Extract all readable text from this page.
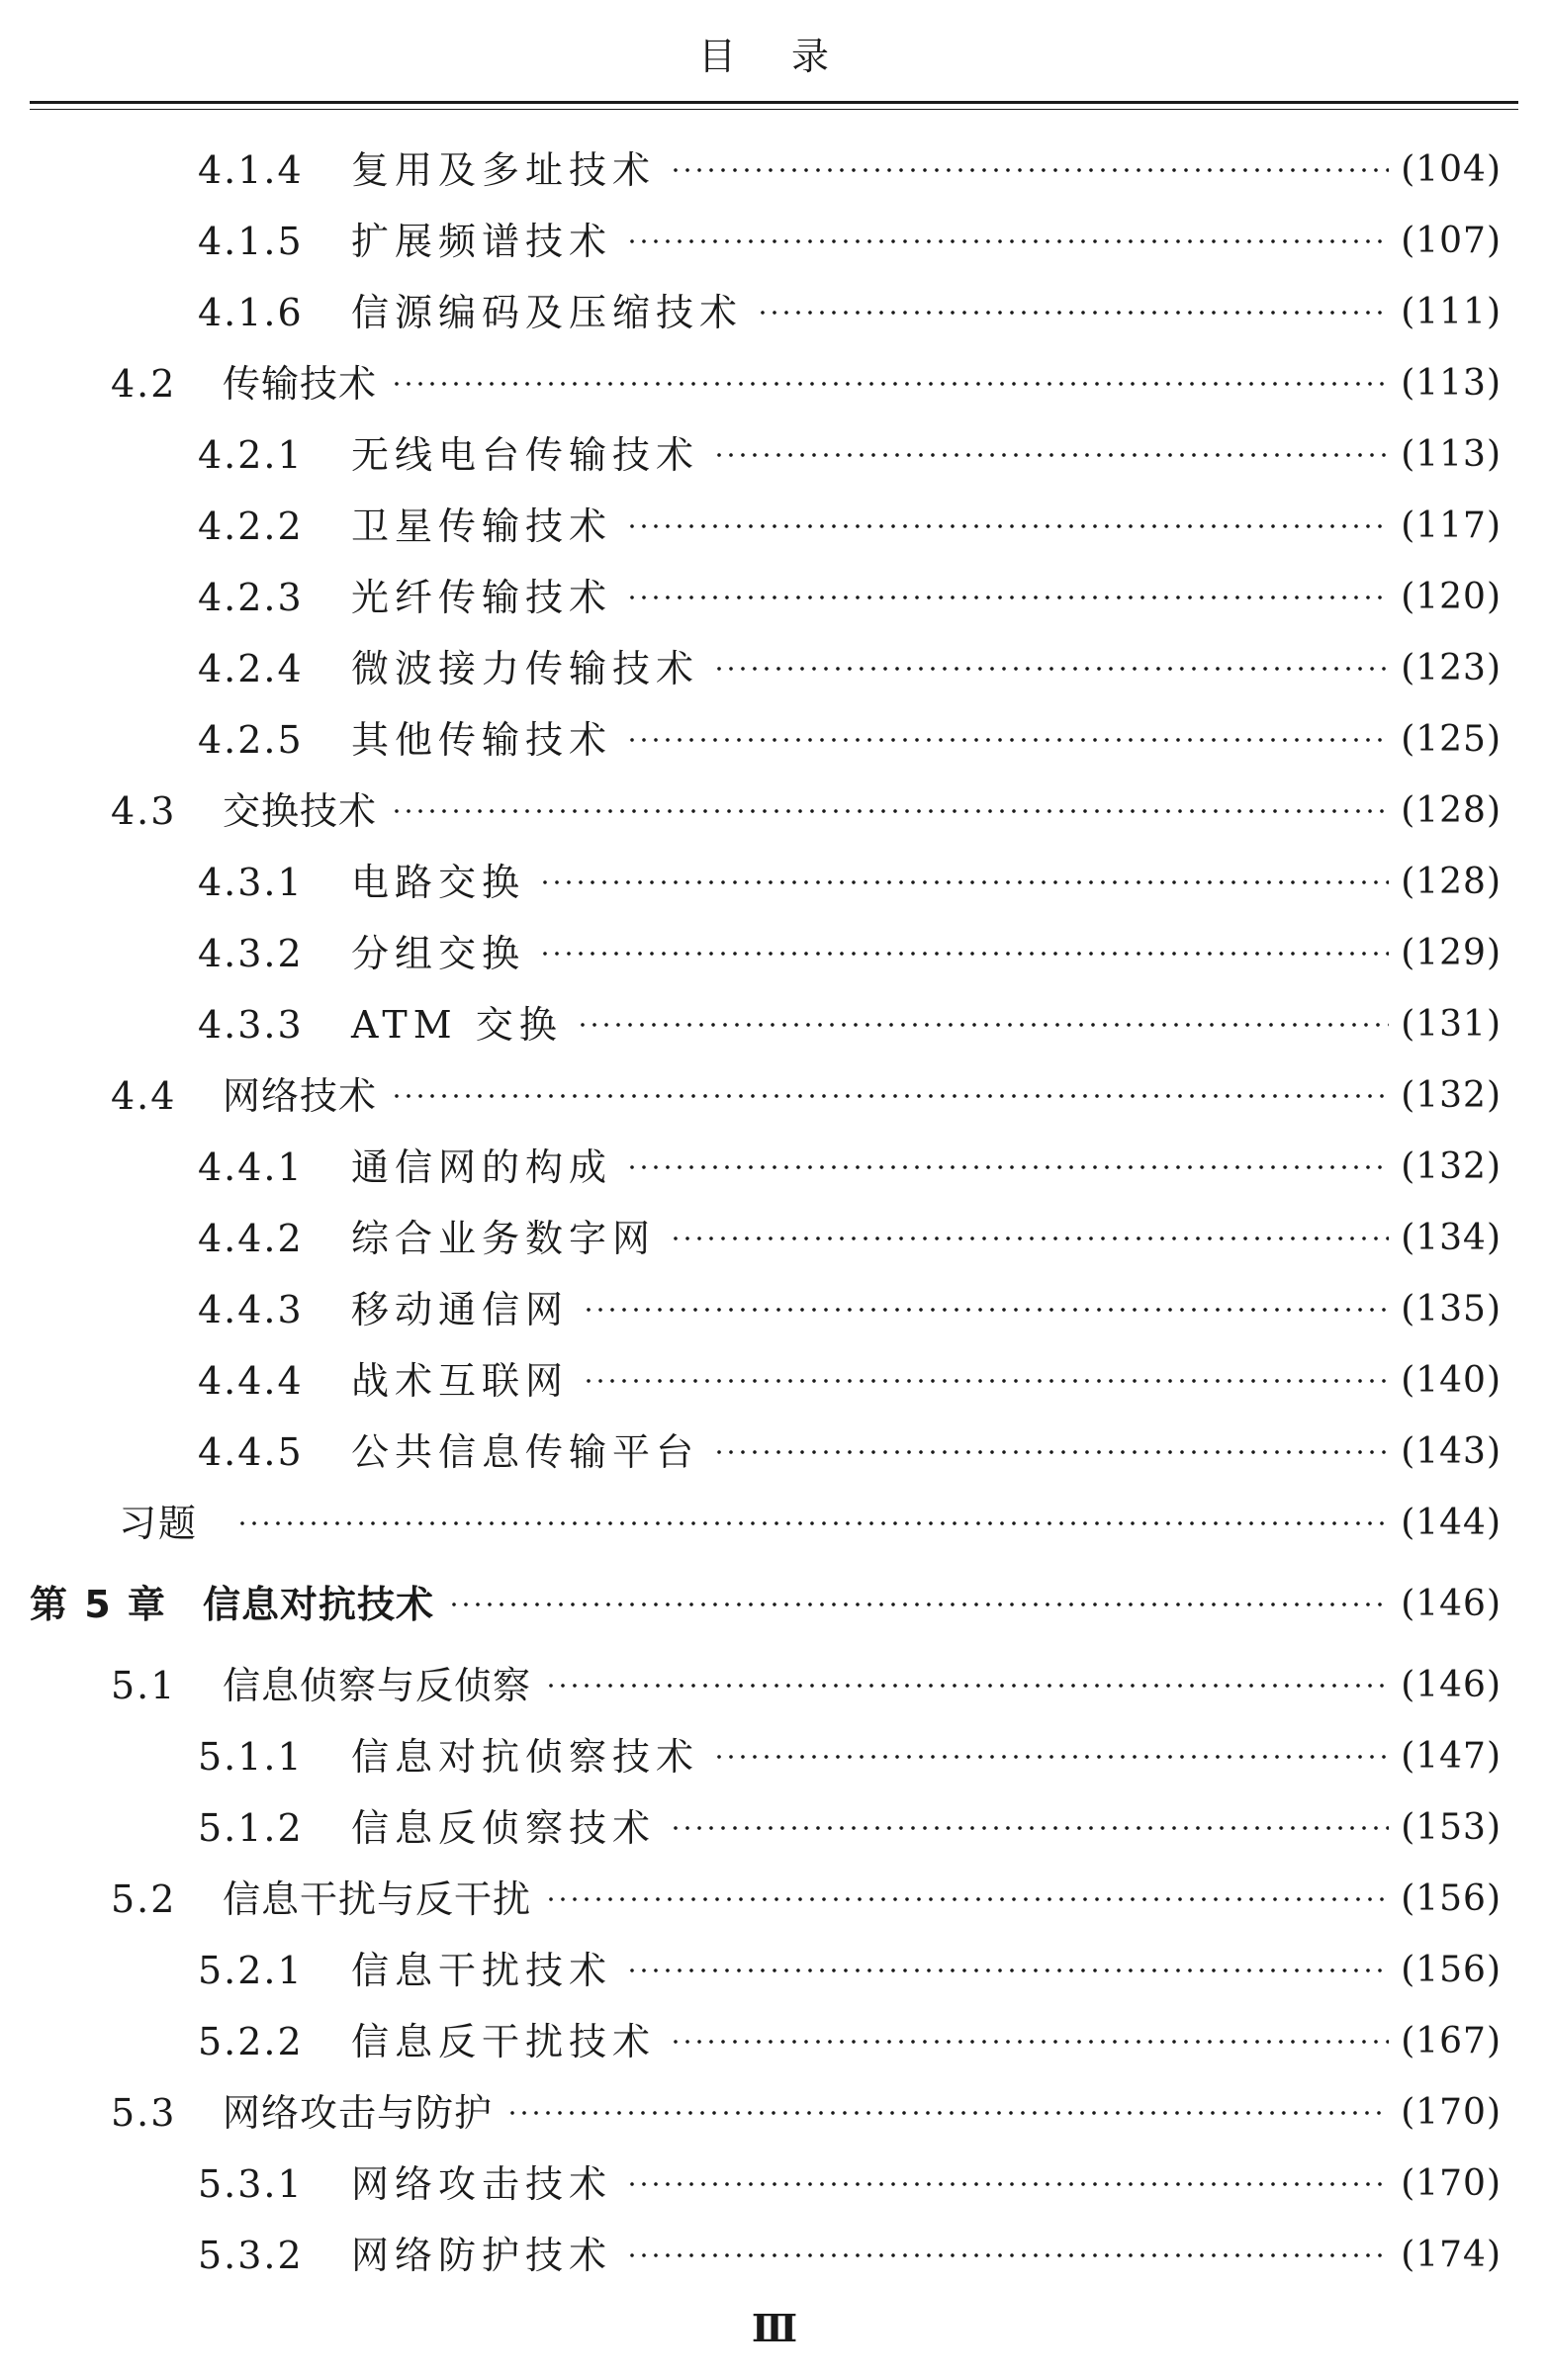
目 录
4.1.4	复用及多址技术	(104)
4.1.5	扩展频谱技术	(107)
4.1.6	信源编码及压缩技术	(111)
4.2	传输技术	(113)
4.2.1	无线电台传输技术	(113)
4.2.2	卫星传输技术	(117)
4.2.3	光纤传输技术	(120)
4.2.4	微波接力传输技术	(123)
4.2.5	其他传输技术	(125)
4.3	交换技术	(128)
4.3.1	电路交换	(128)
4.3.2	分组交换	(129)
4.3.3	ATM 交换	(131)
4.4	网络技术	(132)
4.4.1	通信网的构成	(132)
4.4.2	综合业务数字网	(134)
4.4.3	移动通信网	(135)
4.4.4	战术互联网	(140)
4.4.5	公共信息传输平台	(143)
习题	(144)
第 5 章 信息对抗技术	(146)
5.1	信息侦察与反侦察	(146)
5.1.1	信息对抗侦察技术	(147)
5.1.2	信息反侦察技术	(153)
5.2	信息干扰与反干扰	(156)
5.2.1	信息干扰技术	(156)
5.2.2	信息反干扰技术	(167)
5.3	网络攻击与防护	(170)
5.3.1	网络攻击技术	(170)
5.3.2	网络防护技术	(174)
Ⅲ
